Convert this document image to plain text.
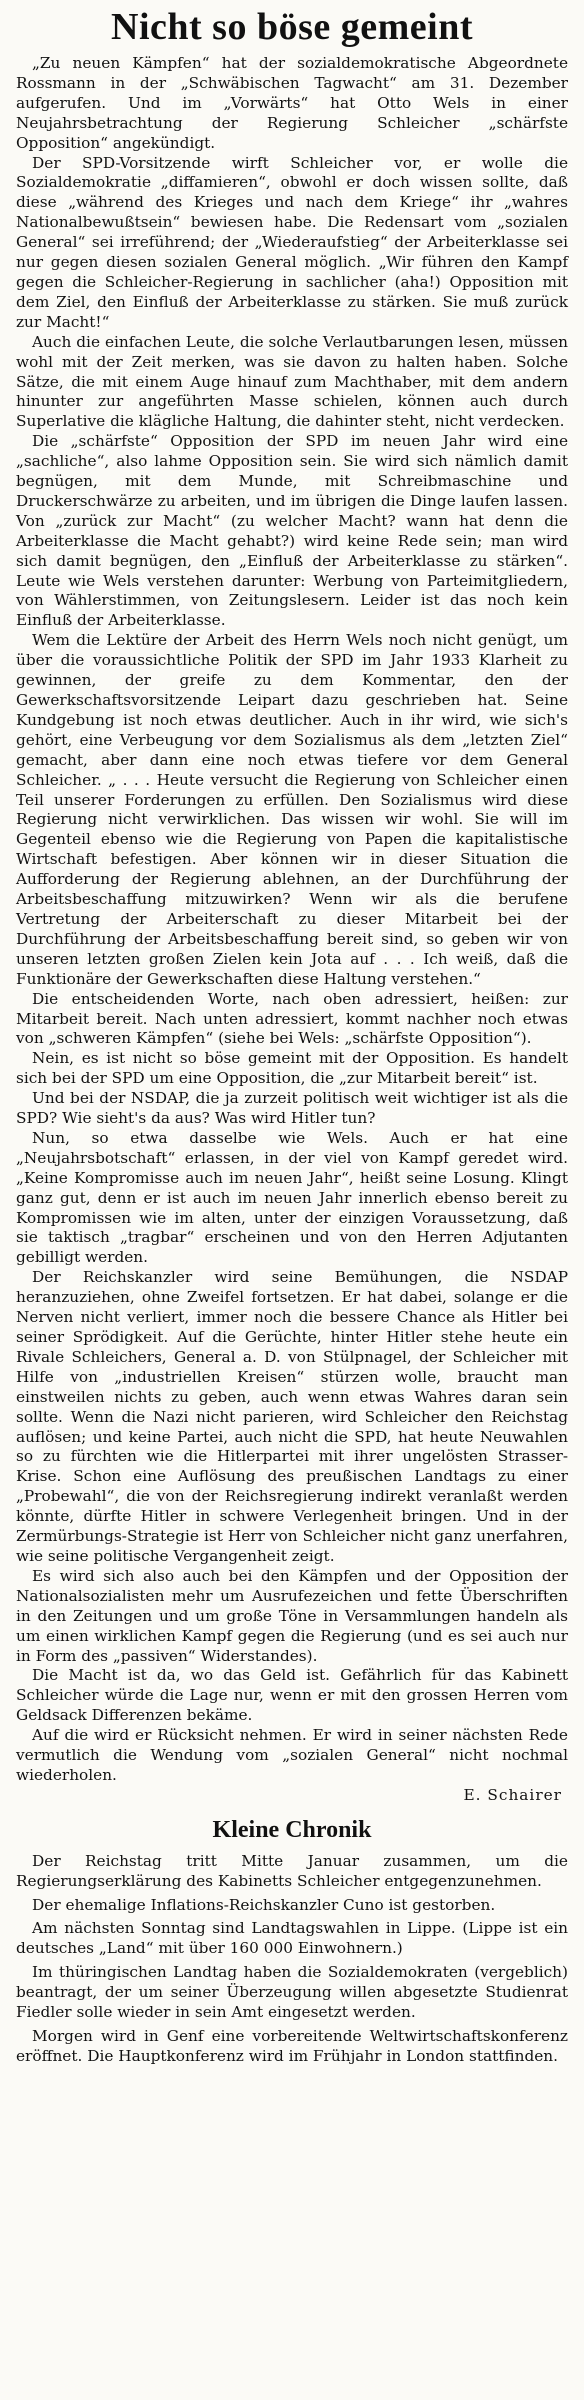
Nicht so böse gemeint

„Zu neuen Kämpfen“ hat der sozialdemokratische Abgeordnete Rossmann in der „Schwäbischen Tagwacht“ am 31. Dezember aufgerufen. Und im „Vorwärts“ hat Otto Wels in einer Neujahrsbetrachtung der Regierung Schleicher „schärfste Opposition“ angekündigt.

Der SPD-Vorsitzende wirft Schleicher vor, er wolle die Sozialdemokratie „diffamieren“, obwohl er doch wissen sollte, daß diese „während des Krieges und nach dem Kriege“ ihr „wahres Nationalbewußtsein“ bewiesen habe. Die Redensart vom „sozialen General“ sei irreführend; der „Wiederaufstieg“ der Arbeiterklasse sei nur gegen diesen sozialen General möglich. „Wir führen den Kampf gegen die Schleicher-Regierung in sachlicher (aha!) Opposition mit dem Ziel, den Einfluß der Arbeiterklasse zu stärken. Sie muß zurück zur Macht!“

Auch die einfachen Leute, die solche Verlautbarungen lesen, müssen wohl mit der Zeit merken, was sie davon zu halten haben. Solche Sätze, die mit einem Auge hinauf zum Machthaber, mit dem andern hinunter zur angeführten Masse schielen, können auch durch Superlative die klägliche Haltung, die dahinter steht, nicht verdecken.

Die „schärfste“ Opposition der SPD im neuen Jahr wird eine „sachliche“, also lahme Opposition sein. Sie wird sich nämlich damit begnügen, mit dem Munde, mit Schreibmaschine und Druckerschwärze zu arbeiten, und im übrigen die Dinge laufen lassen. Von „zurück zur Macht“ (zu welcher Macht? wann hat denn die Arbeiterklasse die Macht gehabt?) wird keine Rede sein; man wird sich damit begnügen, den „Einfluß der Arbeiterklasse zu stärken“. Leute wie Wels verstehen darunter: Werbung von Parteimitgliedern, von Wählerstimmen, von Zeitungslesern. Leider ist das noch kein Einfluß der Arbeiterklasse.

Wem die Lektüre der Arbeit des Herrn Wels noch nicht genügt, um über die voraussichtliche Politik der SPD im Jahr 1933 Klarheit zu gewinnen, der greife zu dem Kommentar, den der Gewerkschaftsvorsitzende Leipart dazu geschrieben hat. Seine Kundgebung ist noch etwas deutlicher. Auch in ihr wird, wie sich's gehört, eine Verbeugung vor dem Sozialismus als dem „letzten Ziel“ gemacht, aber dann eine noch etwas tiefere vor dem General Schleicher. „ . . . Heute versucht die Regierung von Schleicher einen Teil unserer Forderungen zu erfüllen. Den Sozialismus wird diese Regierung nicht verwirklichen. Das wissen wir wohl. Sie will im Gegenteil ebenso wie die Regierung von Papen die kapitalistische Wirtschaft befestigen. Aber können wir in dieser Situation die Aufforderung der Regierung ablehnen, an der Durchführung der Arbeitsbeschaffung mitzuwirken? Wenn wir als die berufene Vertretung der Arbeiterschaft zu dieser Mitarbeit bei der Durchführung der Arbeitsbeschaffung bereit sind, so geben wir von unseren letzten großen Zielen kein Jota auf . . . Ich weiß, daß die Funktionäre der Gewerkschaften diese Haltung verstehen.“

Die entscheidenden Worte, nach oben adressiert, heißen: zur Mitarbeit bereit. Nach unten adressiert, kommt nachher noch etwas von „schweren Kämpfen“ (siehe bei Wels: „schärfste Opposition“).

Nein, es ist nicht so böse gemeint mit der Opposition. Es handelt sich bei der SPD um eine Opposition, die „zur Mitarbeit bereit“ ist.

Und bei der NSDAP, die ja zurzeit politisch weit wichtiger ist als die SPD? Wie sieht's da aus? Was wird Hitler tun?

Nun, so etwa dasselbe wie Wels. Auch er hat eine „Neujahrsbotschaft“ erlassen, in der viel von Kampf geredet wird. „Keine Kompromisse auch im neuen Jahr“, heißt seine Losung. Klingt ganz gut, denn er ist auch im neuen Jahr innerlich ebenso bereit zu Kompromissen wie im alten, unter der einzigen Voraussetzung, daß sie taktisch „tragbar“ erscheinen und von den Herren Adjutanten gebilligt werden.

Der Reichskanzler wird seine Bemühungen, die NSDAP heranzuziehen, ohne Zweifel fortsetzen. Er hat dabei, solange er die Nerven nicht verliert, immer noch die bessere Chance als Hitler bei seiner Sprödigkeit. Auf die Gerüchte, hinter Hitler stehe heute ein Rivale Schleichers, General a. D. von Stülpnagel, der Schleicher mit Hilfe von „industriellen Kreisen“ stürzen wolle, braucht man einstweilen nichts zu geben, auch wenn etwas Wahres daran sein sollte. Wenn die Nazi nicht parieren, wird Schleicher den Reichstag auflösen; und keine Partei, auch nicht die SPD, hat heute Neuwahlen so zu fürchten wie die Hitlerpartei mit ihrer ungelösten Strasser-Krise. Schon eine Auflösung des preußischen Landtags zu einer „Probewahl“, die von der Reichsregierung indirekt veranlaßt werden könnte, dürfte Hitler in schwere Verlegenheit bringen. Und in der Zermürbungs-Strategie ist Herr von Schleicher nicht ganz unerfahren, wie seine politische Vergangenheit zeigt.

Es wird sich also auch bei den Kämpfen und der Opposition der Nationalsozialisten mehr um Ausrufezeichen und fette Überschriften in den Zeitungen und um große Töne in Versammlungen handeln als um einen wirklichen Kampf gegen die Regierung (und es sei auch nur in Form des „passiven“ Widerstandes).

Die Macht ist da, wo das Geld ist. Gefährlich für das Kabinett Schleicher würde die Lage nur, wenn er mit den grossen Herren vom Geldsack Differenzen bekäme.

Auf die wird er Rücksicht nehmen. Er wird in seiner nächsten Rede vermutlich die Wendung vom „sozialen General“ nicht nochmal wiederholen.

E. Schairer
Kleine Chronik

Der Reichstag tritt Mitte Januar zusammen, um die Regierungserklärung des Kabinetts Schleicher entgegenzunehmen.

Der ehemalige Inflations-Reichskanzler Cuno ist gestorben.

Am nächsten Sonntag sind Landtagswahlen in Lippe. (Lippe ist ein deutsches „Land“ mit über 160 000 Einwohnern.)

Im thüringischen Landtag haben die Sozialdemokraten (vergeblich) beantragt, der um seiner Überzeugung willen abgesetzte Studienrat Fiedler solle wieder in sein Amt eingesetzt werden.

Morgen wird in Genf eine vorbereitende Weltwirtschaftskonferenz eröffnet. Die Hauptkonferenz wird im Frühjahr in London stattfinden.
